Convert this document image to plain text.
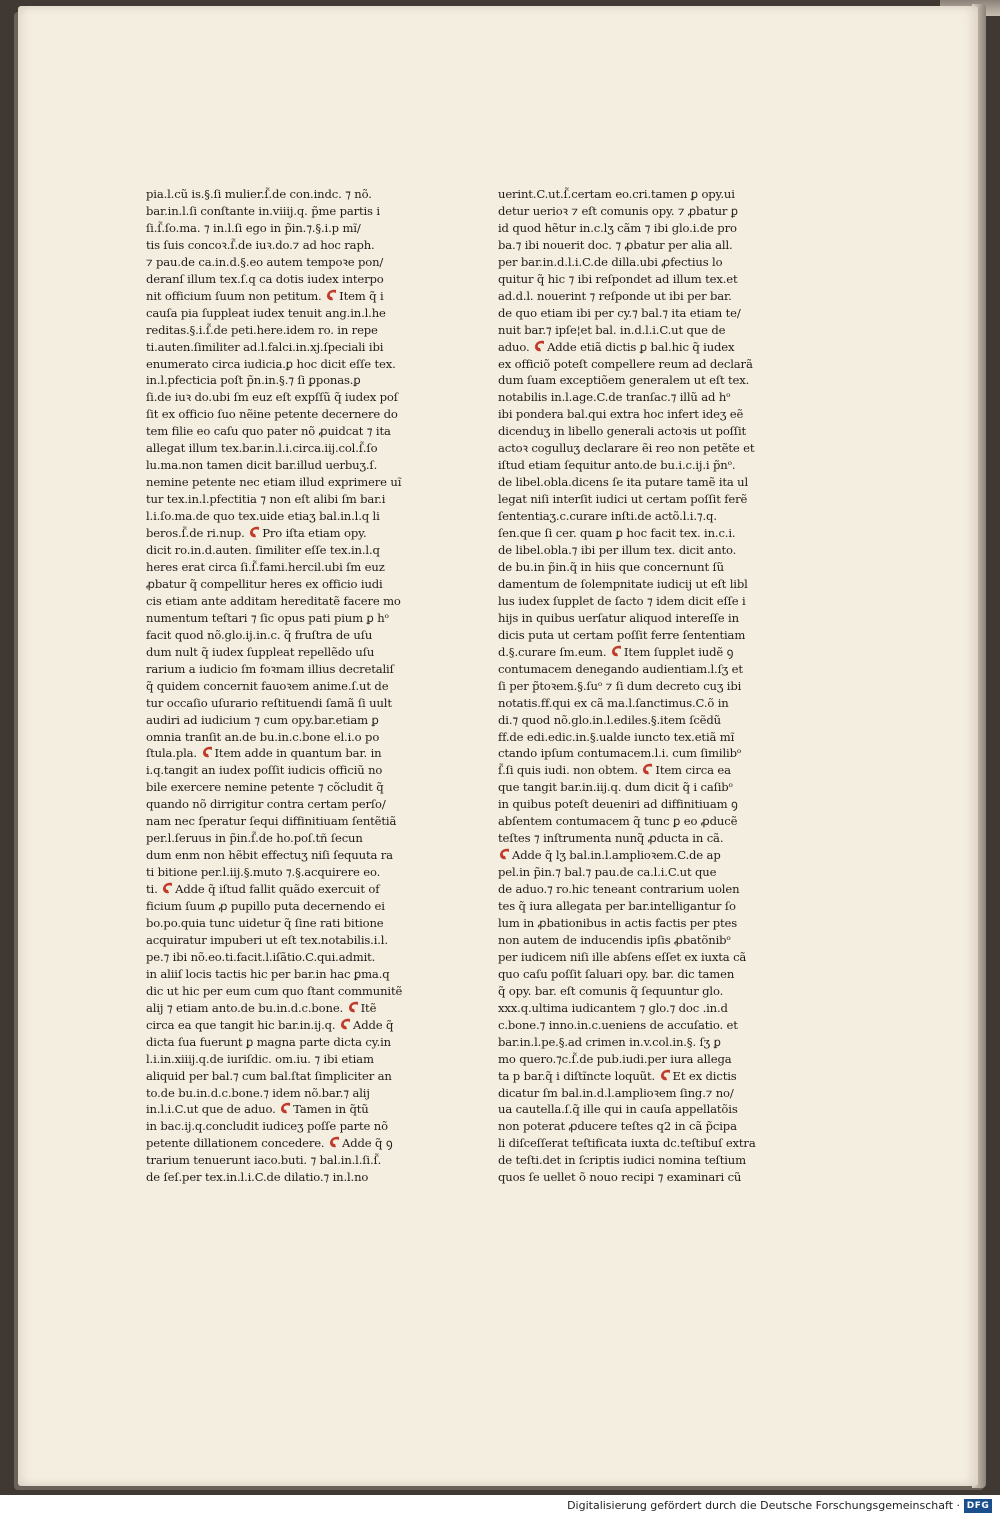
pia.l.cũ is.§.ſi mulier.ſ̃.de con.indc. ⁊ nõ.
bar.in.l.ſi conſtante in.viiij.q. p̃me partis i
ſi.ſ̃.ſo.ma. ⁊ in.l.ſi ego in p̃in.⁊.§.i.p mĩ/
tis ſuis concoꝛ.ſ̃.de iuꝛ.do.⁊ ad hoc raph.
⁊ pau.de ca.in.d.§.eo autem tempoꝛe pon/
deranſ illum tex.ſ.q ca dotis iudex interpo
nit officium ſuum non petitum.
Item q̃ i
cauſa pia ſuppleat iudex tenuit ang.in.l.he
reditas.§.i.ſ̃.de peti.here.idem ro. in repe
ti.auten.ſimiliter ad.l.falci.in.xj.ſpeciali ibi
enumerato circa iudicia.ꝑ hoc dicit eſſe tex.
in.l.pfecticia poſt p̃n.in.§.⁊ ſi ꝑponas.ꝑ
ſi.de iuꝛ do.ubi ſm euz eſt expſſũ q̃ iudex poſ
ſit ex officio ſuo nẽine petente decernere do
tem filie eo caſu quo pater nõ ꝓuidcat ⁊ ita
allegat illum tex.bar.in.l.i.circa.iij.col.ſ̃.ſo
lu.ma.non tamen dicit bar.illud uerbuʒ.ſ.
nemine petente nec etiam illud exprimere uĩ
tur tex.in.l.pfectitia ⁊ non eſt alibi ſm bar.i
l.i.ſo.ma.de quo tex.uide etiaʒ bal.in.l.q li
beros.ſ̃.de ri.nup.
Pro iſta etiam opy.
dicit ro.in.d.auten. ſimiliter eſſe tex.in.l.q
heres erat circa ſi.ſ̃.fami.hercil.ubi ſm euz
ꝓbatur q̃ compellitur heres ex officio iudi
cis etiam ante additam hereditatẽ facere mo
numentum teſtari ⁊ ſic opus pati pium ꝑ hᵒ
facit quod nõ.glo.ij.in.c. q̃ fruſtra de uſu
dum nult q̃ iudex ſuppleat repellẽdo uſu
rarium a iudicio ſm foꝛmam illius decretaliſ
q̃ quidem concernit fauoꝛem anime.ſ.ut de
tur occaſio uſurario reſtituendi ſamã ſi uult
audiri ad iudicium ⁊ cum opy.bar.etiam ꝑ
omnia tranſit an.de bu.in.c.bone el.i.o po
ſtula.pla.
Item adde in quantum bar. in
i.q.tangit an iudex poſſit iudicis officiũ no
bile exercere nemine petente ⁊ cõcludit q̃
quando nõ dirrigitur contra certam perſo/
nam nec ſperatur ſequi diffinitiuam ſentẽtiã
per.l.ſeruus in p̃in.ſ̃.de ho.poſ.tñ ſecun
dum enm non hẽbit effectuʒ niſi ſequuta ra
ti bitione per.l.iij.§.muto ⁊.§.acquirere eo.
ti.
Adde q̃ iſtud fallit quãdo exercuit of
ficium ſuum ꝓ pupillo puta decernendo ei
bo.po.quia tunc uidetur q̃ ſine rati bitione
acquiratur impuberi ut eſt tex.notabilis.i.l.
pe.⁊ ibi nõ.eo.ti.facit.l.iſãtio.C.qui.admit.
in aliiſ locis tactis hic per bar.in hac ꝑma.q
dic ut hic per eum cum quo ſtant communitẽ
alij ⁊ etiam anto.de bu.in.d.c.bone.
Itẽ
circa ea que tangit hic bar.in.ij.q.
Adde q̃
dicta ſua fuerunt ꝑ magna parte dicta cy.in
l.i.in.xiiij.q.de iuriſdic. om.iu. ⁊ ibi etiam
aliquid per bal.⁊ cum bal.ſtat ſimpliciter an
to.de bu.in.d.c.bone.⁊ idem nõ.bar.⁊ alij
in.l.i.C.ut que de aduo.
Tamen in q̃tũ
in bac.ij.q.concludit iudiceʒ poſſe parte nõ
petente dillationem concedere.
Adde q̃ ꝯ
trarium tenuerunt iaco.buti. ⁊ bal.in.l.ſi.ſ̃.
de ſeſ.per tex.in.l.i.C.de dilatio.⁊ in.l.no
uerint.C.ut.ſ̃.certam eo.cri.tamen ꝑ opy.ui
detur uerioꝛ ⁊ eſt comunis opy. ⁊ ꝓbatur ꝑ
id quod hẽtur in.c.lʒ cãm ⁊ ibi glo.i.de pro
ba.⁊ ibi nouerit doc. ⁊ ꝓbatur per alia all.
per bar.in.d.l.i.C.de dilla.ubi ꝓfectius lo
quitur q̃ hic ⁊ ibi reſpondet ad illum tex.et
ad.d.l. nouerint ⁊ reſponde ut ibi per bar.
de quo etiam ibi per cy.⁊ bal.⁊ ita etiam te/
nuit bar.⁊ ipſe¦et bal. in.d.l.i.C.ut que de
aduo.
Adde etiã dictis ꝑ bal.hic q̃ iudex
ex officiõ poteſt compellere reum ad declarã
dum ſuam exceptiõem generalem ut eſt tex.
notabilis in.l.age.C.de tranſac.⁊ illũ ad hᵒ
ibi pondera bal.qui extra hoc infert ideʒ eẽ
dicenduʒ in libello generali actoꝛis ut poſſit
actoꝛ cogulluʒ declarare ẽi reo non petẽte et
iſtud etiam ſequitur anto.de bu.i.c.ij.i p̃nᵒ.
de libel.obla.dicens ſe ita putare tamẽ ita ul
legat niſi interſit iudici ut certam poſſit ferẽ
ſententiaʒ.c.curare inſti.de actõ.l.i.⁊.q.
ſen.que ſi cer. quam ꝑ hoc facit tex. in.c.i.
de libel.obla.⁊ ibi per illum tex. dicit anto.
de bu.in p̃in.q̃ in hiis que concernunt ſũ
damentum de ſolempnitate iudicij ut eſt libl
lus iudex ſupplet de ſacto ⁊ idem dicit eſſe i
hijs in quibus uerſatur aliquod intereſſe in
dicis puta ut certam poſſit ferre ſententiam
d.§.curare ſm.eum.
Item ſupplet iudẽ ꝯ
contumacem denegando audientiam.l.ſʒ et
ſi per p̃toꝛem.§.ſuᵒ ⁊ ſi dum decreto cuʒ ibi
notatis.ff.qui ex cã ma.l.ſanctimus.C.õ in
di.⁊ quod nõ.glo.in.l.ediles.§.item ſcẽdũ
ff.de edi.edic.in.§.ualde iuncto tex.etiã mĩ
ctando ipſum contumacem.l.i. cum ſimilibᵒ
ſ̃.ſi quis iudi. non obtem.
Item circa ea
que tangit bar.in.iij.q. dum dicit q̃ i caſibᵒ
in quibus poteſt deueniri ad diffinitiuam ꝯ
abſentem contumacem q̃ tunc ꝑ eo ꝓducẽ
teſtes ⁊ inſtrumenta nunq̃ ꝓducta in cã.
Adde q̃ lʒ bal.in.l.amplioꝛem.C.de ap
pel.in p̃in.⁊ bal.⁊ pau.de ca.l.i.C.ut que
de aduo.⁊ ro.hic teneant contrarium uolen
tes q̃ iura allegata per bar.intelligantur ſo
lum in ꝓbationibus in actis factis per ptes
non autem de inducendis ipſis ꝓbatõnibᵒ
per iudicem niſi ille abſens eſſet ex iuxta cã
quo caſu poſſit ſaluari opy. bar. dic tamen
q̃ opy. bar. eſt comunis q̃ ſequuntur glo.
xxx.q.ultima iudicantem ⁊ glo.⁊ doc .in.d
c.bone.⁊ inno.in.c.ueniens de accuſatio. et
bar.in.l.pe.§.ad crimen in.v.col.in.§. ſʒ ꝑ
mo quero.⁊c.ſ̃.de pub.iudi.per iura allega
ta p bar.q̃ i diſtĩncte loquũt.
Et ex dictis
dicatur ſm bal.in.d.l.amplioꝛem ſing.⁊ no/
ua cautella.ſ.q̃ ille qui in cauſa appellatõis
non poterat ꝓducere teſtes q2 in cã p̃cipa
li diſceſſerat teſtificata iuxta dc.teſtibuſ extra
de teſti.det in ſcriptis iudici nomina teſtium
quos ſe uellet õ nouo recipi ⁊ examinari cũ
Digitalisierung gefördert durch die Deutsche Forschungsgemeinschaft · DFG
